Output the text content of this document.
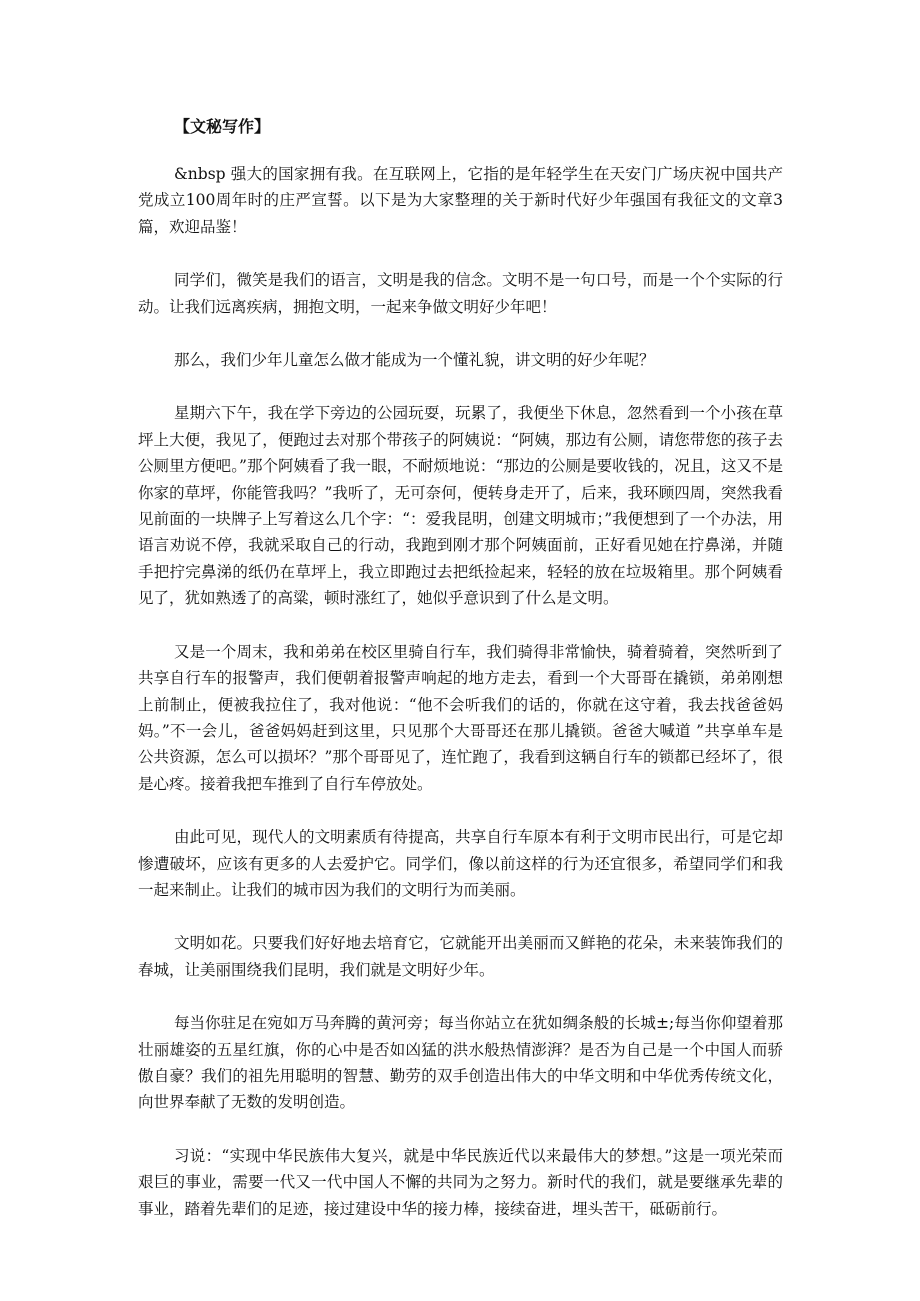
【文秘写作】

&nbsp 强大的国家拥有我。在互联网上，它指的是年轻学生在天安门广场庆祝中国共产党成立100周年时的庄严宣誓。以下是为大家整理的关于新时代好少年强国有我征文的文章3篇，欢迎品鉴！

同学们，微笑是我们的语言，文明是我的信念。文明不是一句口号，而是一个个实际的行动。让我们远离疾病，拥抱文明，一起来争做文明好少年吧！

那么，我们少年儿童怎么做才能成为一个懂礼貌，讲文明的好少年呢？

星期六下午，我在学下旁边的公园玩耍，玩累了，我便坐下休息，忽然看到一个小孩在草坪上大便，我见了，便跑过去对那个带孩子的阿姨说：“阿姨，那边有公厕，请您带您的孩子去公厕里方便吧。”那个阿姨看了我一眼，不耐烦地说：“那边的公厕是要收钱的，况且，这又不是你家的草坪，你能管我吗？”我听了，无可奈何，便转身走开了，后来，我环顾四周，突然我看见前面的一块牌子上写着这么几个字：“：爱我昆明，创建文明城市；”我便想到了一个办法，用语言劝说不停，我就采取自己的行动，我跑到刚才那个阿姨面前，正好看见她在拧鼻涕，并随手把拧完鼻涕的纸仍在草坪上，我立即跑过去把纸捡起来，轻轻的放在垃圾箱里。那个阿姨看见了，犹如熟透了的高粱，顿时涨红了，她似乎意识到了什么是文明。

又是一个周末，我和弟弟在校区里骑自行车，我们骑得非常愉快，骑着骑着，突然听到了共享自行车的报警声，我们便朝着报警声响起的地方走去，看到一个大哥哥在撬锁，弟弟刚想上前制止，便被我拉住了，我对他说：“他不会听我们的话的，你就在这守着，我去找爸爸妈妈。”不一会儿，爸爸妈妈赶到这里，只见那个大哥哥还在那儿撬锁。爸爸大喊道 ”共享单车是公共资源，怎么可以损坏？”那个哥哥见了，连忙跑了，我看到这辆自行车的锁都已经坏了，很是心疼。接着我把车推到了自行车停放处。

由此可见，现代人的文明素质有待提高，共享自行车原本有利于文明市民出行，可是它却惨遭破坏，应该有更多的人去爱护它。同学们，像以前这样的行为还宜很多，希望同学们和我一起来制止。让我们的城市因为我们的文明行为而美丽。

文明如花。只要我们好好地去培育它，它就能开出美丽而又鲜艳的花朵，未来装饰我们的春城，让美丽围绕我们昆明，我们就是文明好少年。

每当你驻足在宛如万马奔腾的黄河旁；每当你站立在犹如绸条般的长城±;每当你仰望着那壮丽雄姿的五星红旗，你的心中是否如凶猛的洪水般热情澎湃？是否为自己是一个中国人而骄傲自豪？我们的祖先用聪明的智慧、勤劳的双手创造出伟大的中华文明和中华优秀传统文化，向世界奉献了无数的发明创造。

习说：“实现中华民族伟大复兴，就是中华民族近代以来最伟大的梦想。”这是一项光荣而艰巨的事业，需要一代又一代中国人不懈的共同为之努力。新时代的我们，就是要继承先辈的事业，踏着先辈们的足迹，接过建设中华的接力棒，接续奋进，埋头苦干，砥砺前行。
